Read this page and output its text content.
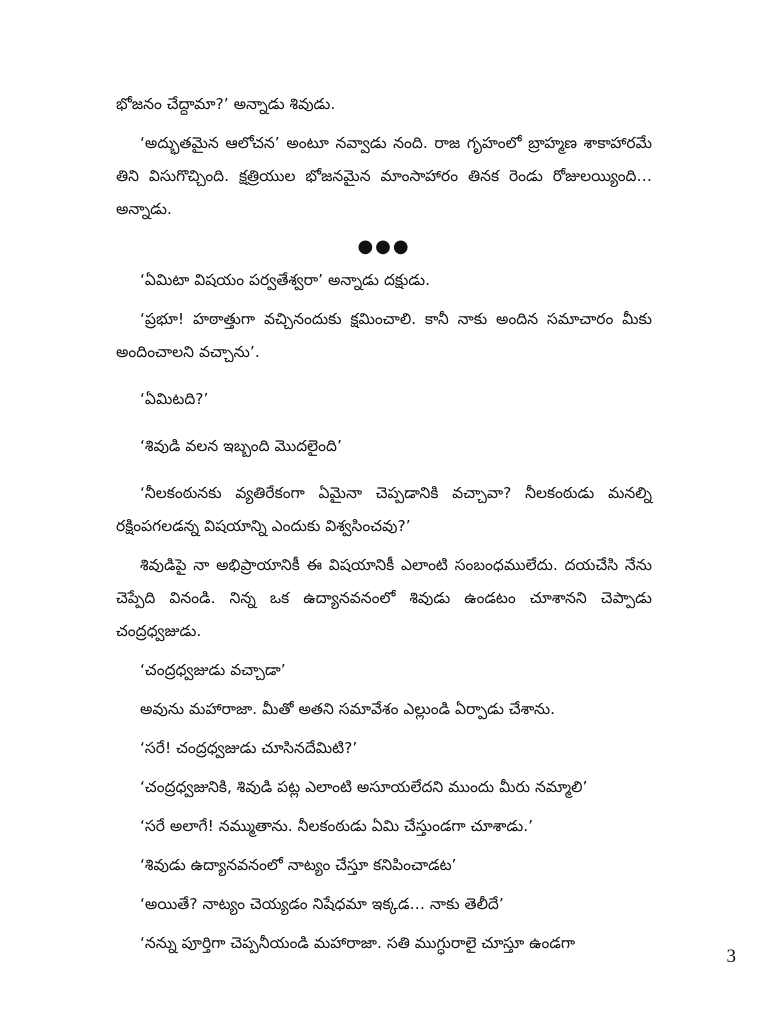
భోజనం చేద్దామా?’ అన్నాడు శివుడు.

‘అద్భుతమైన ఆలోచన’ అంటూ నవ్వాడు నంది. రాజ గృహంలో బ్రాహ్మణ శాకాహారమే తిని విసుగొచ్చింది. క్షత్రియుల భోజనమైన మాంసాహారం తినక రెండు రోజులయ్యింది… అన్నాడు.

●●●

‘ఏమిటా విషయం పర్వతేశ్వరా’ అన్నాడు దక్షుడు.

‘ప్రభూ! హఠాత్తుగా వచ్చినందుకు క్షమించాలి. కానీ నాకు అందిన సమాచారం మీకు అందించాలని వచ్చాను’.

‘ఏమిటది?’

‘శివుడి వలన ఇబ్బంది మొదలైంది’

‘నీలకంఠునకు వ్యతిరేకంగా ఏమైనా చెప్పడానికి వచ్చావా? నీలకంఠుడు మనల్ని రక్షింపగలడన్న విషయాన్ని ఎందుకు విశ్వసించవు?’

శివుడిపై నా అభిప్రాయానికీ ఈ విషయానికీ ఎలాంటి సంబంధములేదు. దయచేసి నేను చెప్పేది వినండి. నిన్న ఒక ఉద్యానవనంలో శివుడు ఉండటం చూశానని చెప్పాడు చంద్రధ్వజుడు.

‘చంద్రధ్వజుడు వచ్చాడా’

అవును మహారాజా. మీతో అతని సమావేశం ఎల్లుండి ఏర్పాడు చేశాను.

‘సరే! చంద్రధ్వజుడు చూసినదేమిటి?’

‘చంద్రధ్వజునికి, శివుడి పట్ల ఎలాంటి అసూయలేదని ముందు మీరు నమ్మాలి’

‘సరే అలాగే! నమ్ముతాను. నీలకంఠుడు ఏమి చేస్తుండగా చూశాడు.’

‘శివుడు ఉద్యానవనంలో నాట్యం చేస్తూ కనిపించాడట’

‘అయితే? నాట్యం చెయ్యడం నిషేధమా ఇక్కడ… నాకు తెలీదే’

‘నన్ను పూర్తిగా చెప్పనీయండి మహారాజా. సతి ముగ్ధురాలై చూస్తూ ఉండగా

3
